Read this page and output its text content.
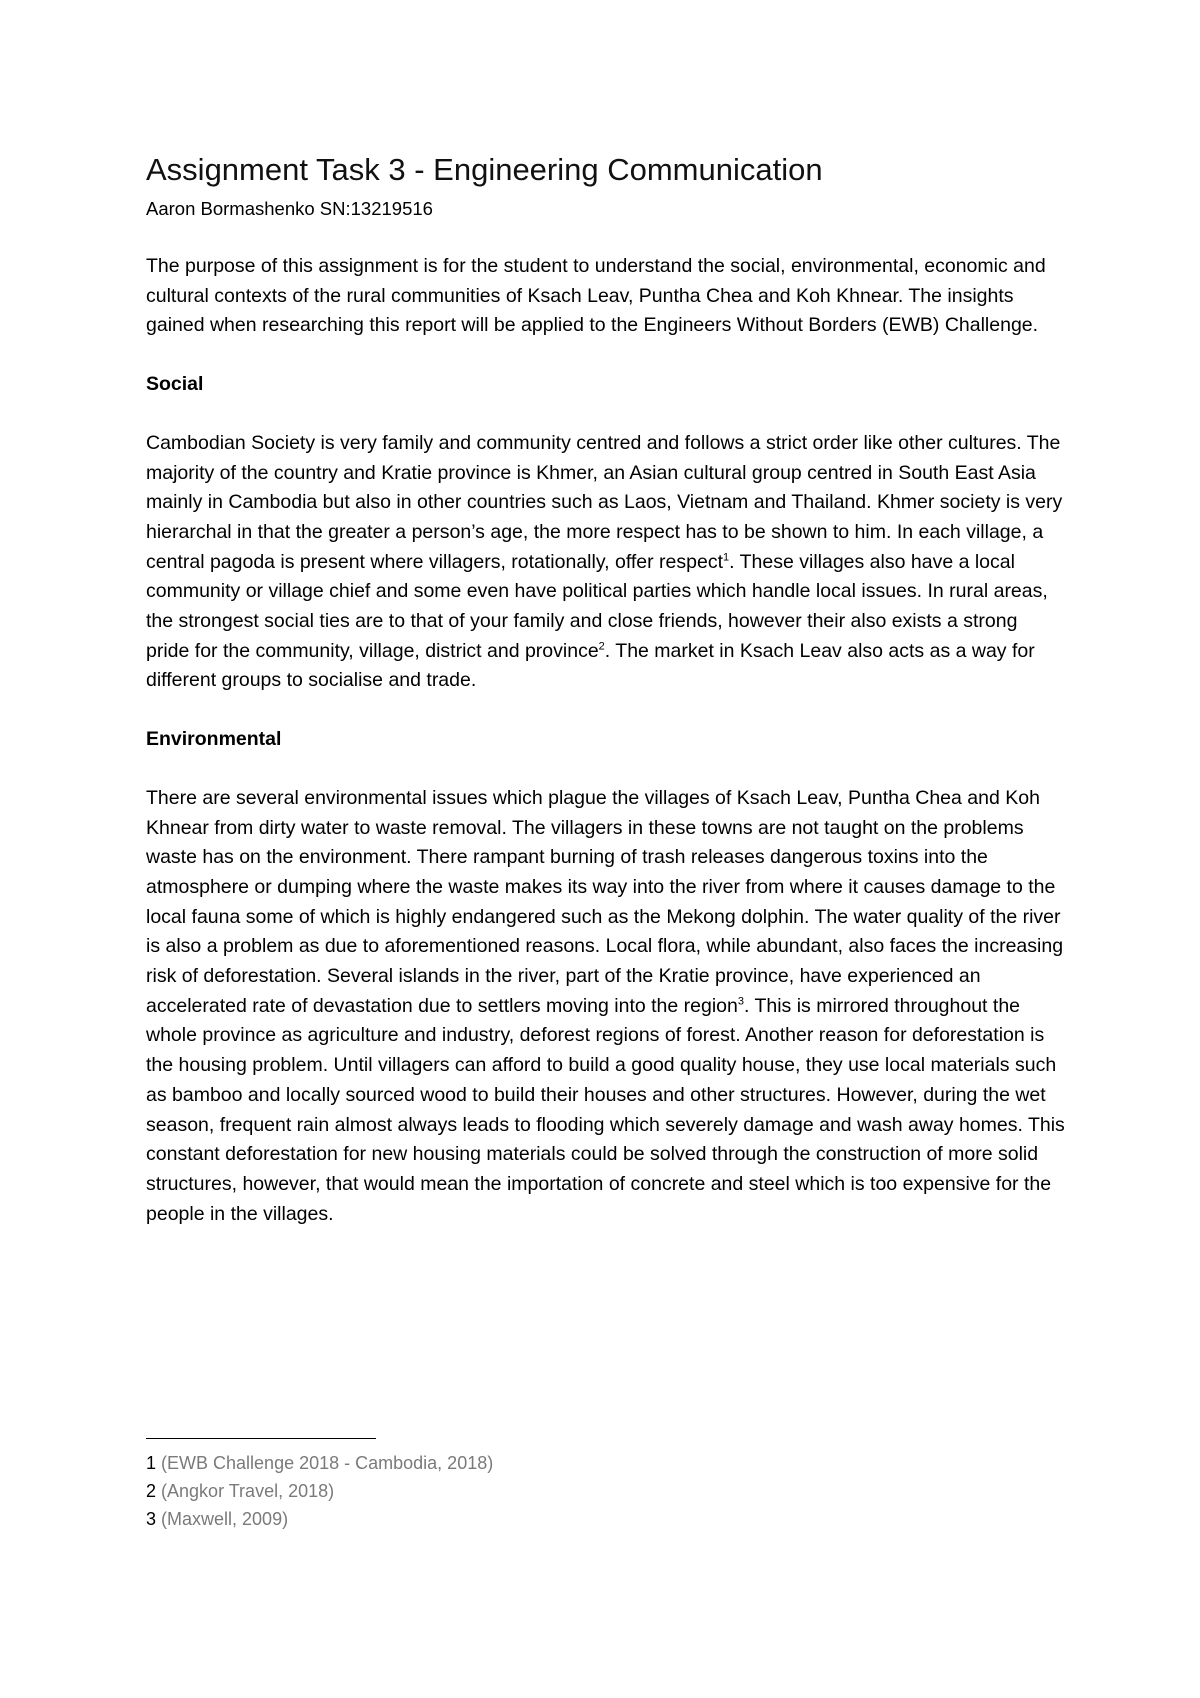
Assignment Task 3 - Engineering Communication

Aaron Bormashenko SN:13219516

The purpose of this assignment is for the student to understand the social, environmental, economic and cultural contexts of the rural communities of Ksach Leav, Puntha Chea and Koh Khnear. The insights gained when researching this report will be applied to the Engineers Without Borders (EWB) Challenge.

Social

Cambodian Society is very family and community centred and follows a strict order like other cultures. The majority of the country and Kratie province is Khmer, an Asian cultural group centred in South East Asia mainly in Cambodia but also in other countries such as Laos, Vietnam and Thailand. Khmer society is very hierarchal in that the greater a person’s age, the more respect has to be shown to him. In each village, a central pagoda is present where villagers, rotationally, offer respect$^1$. These villages also have a local community or village chief and some even have political parties which handle local issues. In rural areas, the strongest social ties are to that of your family and close friends, however their also exists a strong pride for the community, village, district and province$^2$. The market in Ksach Leav also acts as a way for different groups to socialise and trade.

Environmental

There are several environmental issues which plague the villages of Ksach Leav, Puntha Chea and Koh Khnear from dirty water to waste removal. The villagers in these towns are not taught on the problems waste has on the environment. There rampant burning of trash releases dangerous toxins into the atmosphere or dumping where the waste makes its way into the river from where it causes damage to the local fauna some of which is highly endangered such as the Mekong dolphin. The water quality of the river is also a problem as due to aforementioned reasons. Local flora, while abundant, also faces the increasing risk of deforestation. Several islands in the river, part of the Kratie province, have experienced an accelerated rate of devastation due to settlers moving into the region$^3$. This is mirrored throughout the whole province as agriculture and industry, deforest regions of forest. Another reason for deforestation is the housing problem. Until villagers can afford to build a good quality house, they use local materials such as bamboo and locally sourced wood to build their houses and other structures. However, during the wet season, frequent rain almost always leads to flooding which severely damage and wash away homes. This constant deforestation for new housing materials could be solved through the construction of more solid structures, however, that would mean the importation of concrete and steel which is too expensive for the people in the villages.

1 (EWB Challenge 2018 - Cambodia, 2018)

2 (Angkor Travel, 2018)

3 (Maxwell, 2009)
